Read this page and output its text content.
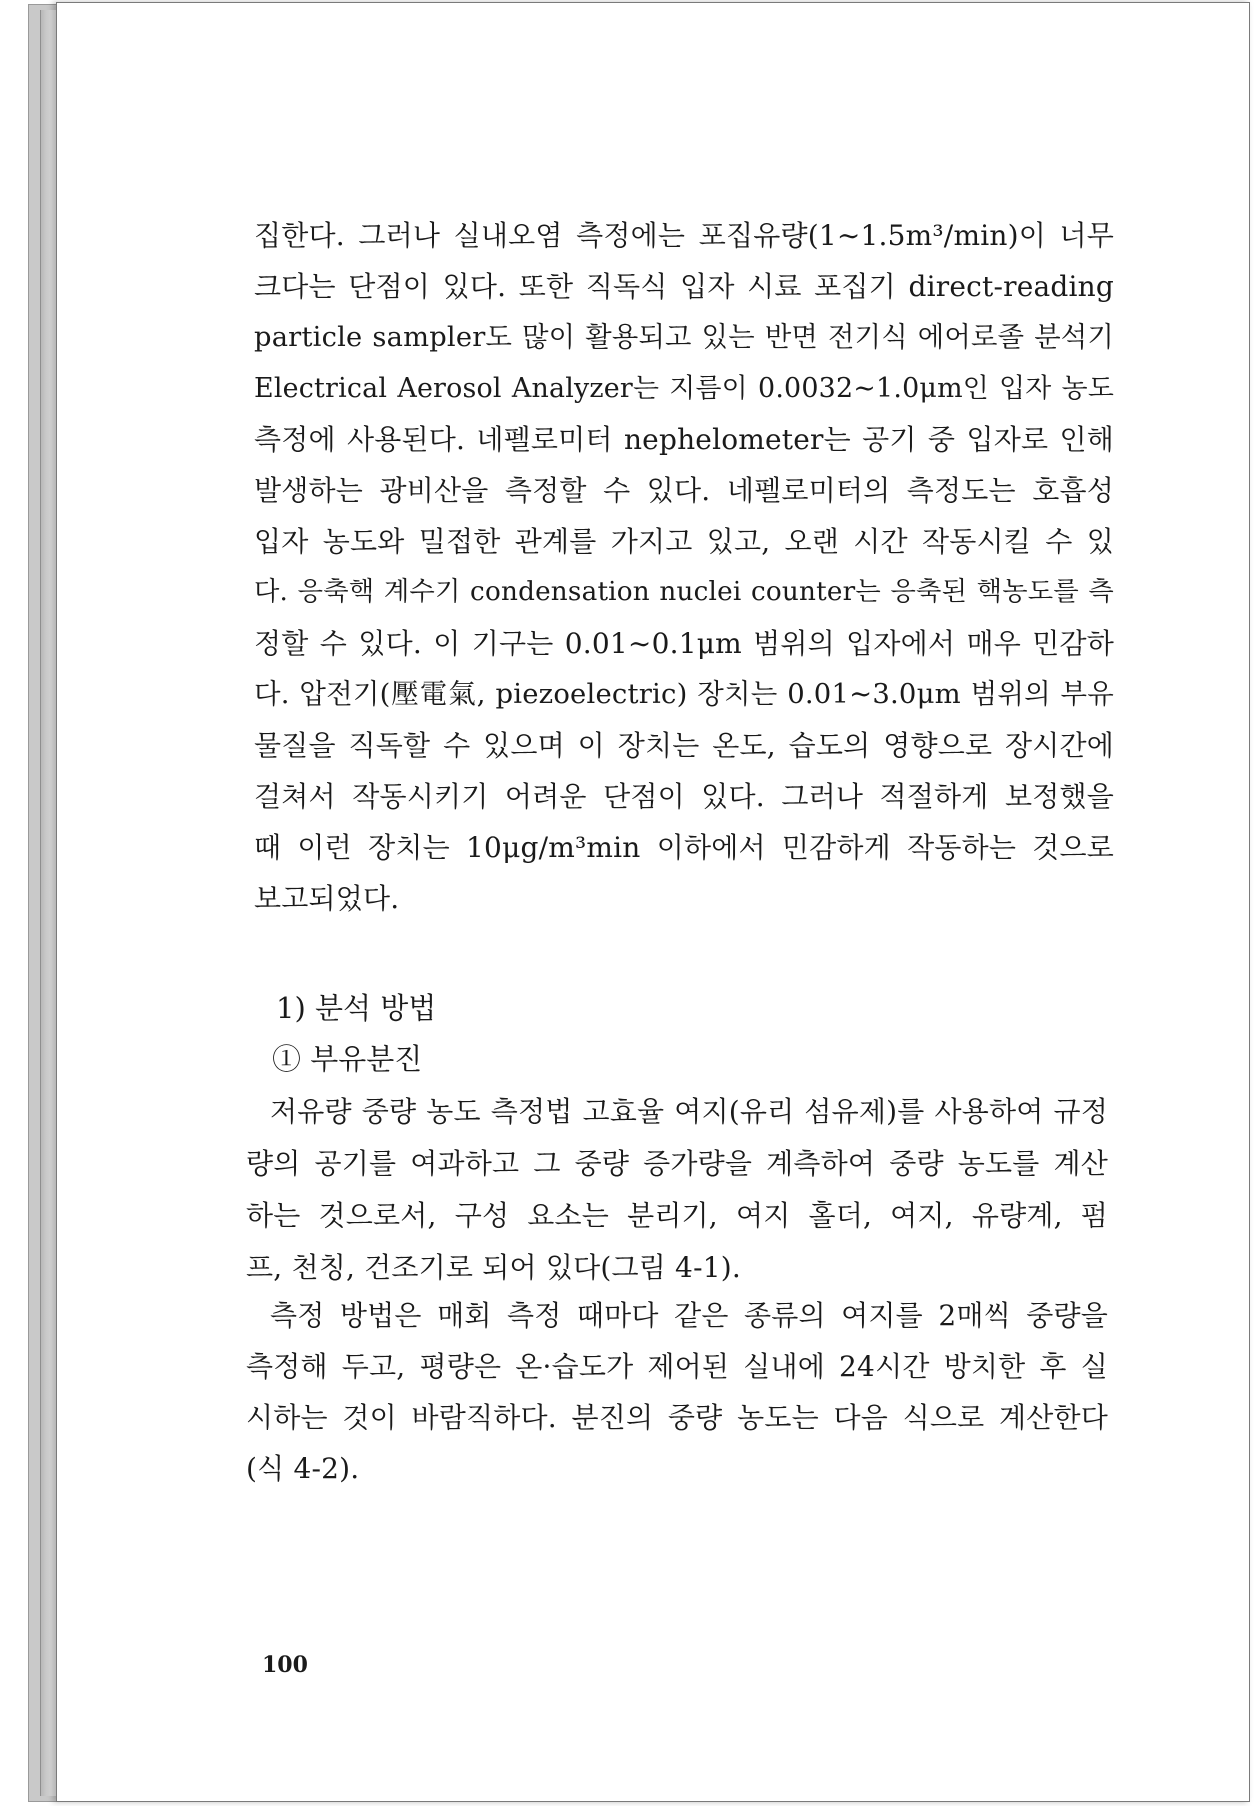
집한다. 그러나 실내오염 측정에는 포집유량(1∼1.5m³/min)이 너무
크다는 단점이 있다. 또한 직독식 입자 시료 포집기 direct-reading
particle sampler도 많이 활용되고 있는 반면 전기식 에어로졸 분석기
Electrical Aerosol Analyzer는 지름이 0.0032∼1.0μm인 입자 농도
측정에 사용된다. 네펠로미터 nephelometer는 공기 중 입자로 인해
발생하는 광비산을 측정할 수 있다. 네펠로미터의 측정도는 호흡성
입자 농도와 밀접한 관계를 가지고 있고, 오랜 시간 작동시킬 수 있
다. 응축핵 계수기 condensation nuclei counter는 응축된 핵농도를 측
정할 수 있다. 이 기구는 0.01∼0.1μm 범위의 입자에서 매우 민감하
다. 압전기(壓電氣, piezoelectric) 장치는 0.01∼3.0μm 범위의 부유
물질을 직독할 수 있으며 이 장치는 온도, 습도의 영향으로 장시간에
걸쳐서 작동시키기 어려운 단점이 있다. 그러나 적절하게 보정했을
때 이런 장치는 10μg/m³min 이하에서 민감하게 작동하는 것으로
보고되었다.
1) 분석 방법
① 부유분진
저유량 중량 농도 측정법 고효율 여지(유리 섬유제)를 사용하여 규정
량의 공기를 여과하고 그 중량 증가량을 계측하여 중량 농도를 계산
하는 것으로서, 구성 요소는 분리기, 여지 홀더, 여지, 유량계, 펌
프, 천칭, 건조기로 되어 있다(그림 4-1).
측정 방법은 매회 측정 때마다 같은 종류의 여지를 2매씩 중량을
측정해 두고, 평량은 온·습도가 제어된 실내에 24시간 방치한 후 실
시하는 것이 바람직하다. 분진의 중량 농도는 다음 식으로 계산한다
(식 4-2).
100
